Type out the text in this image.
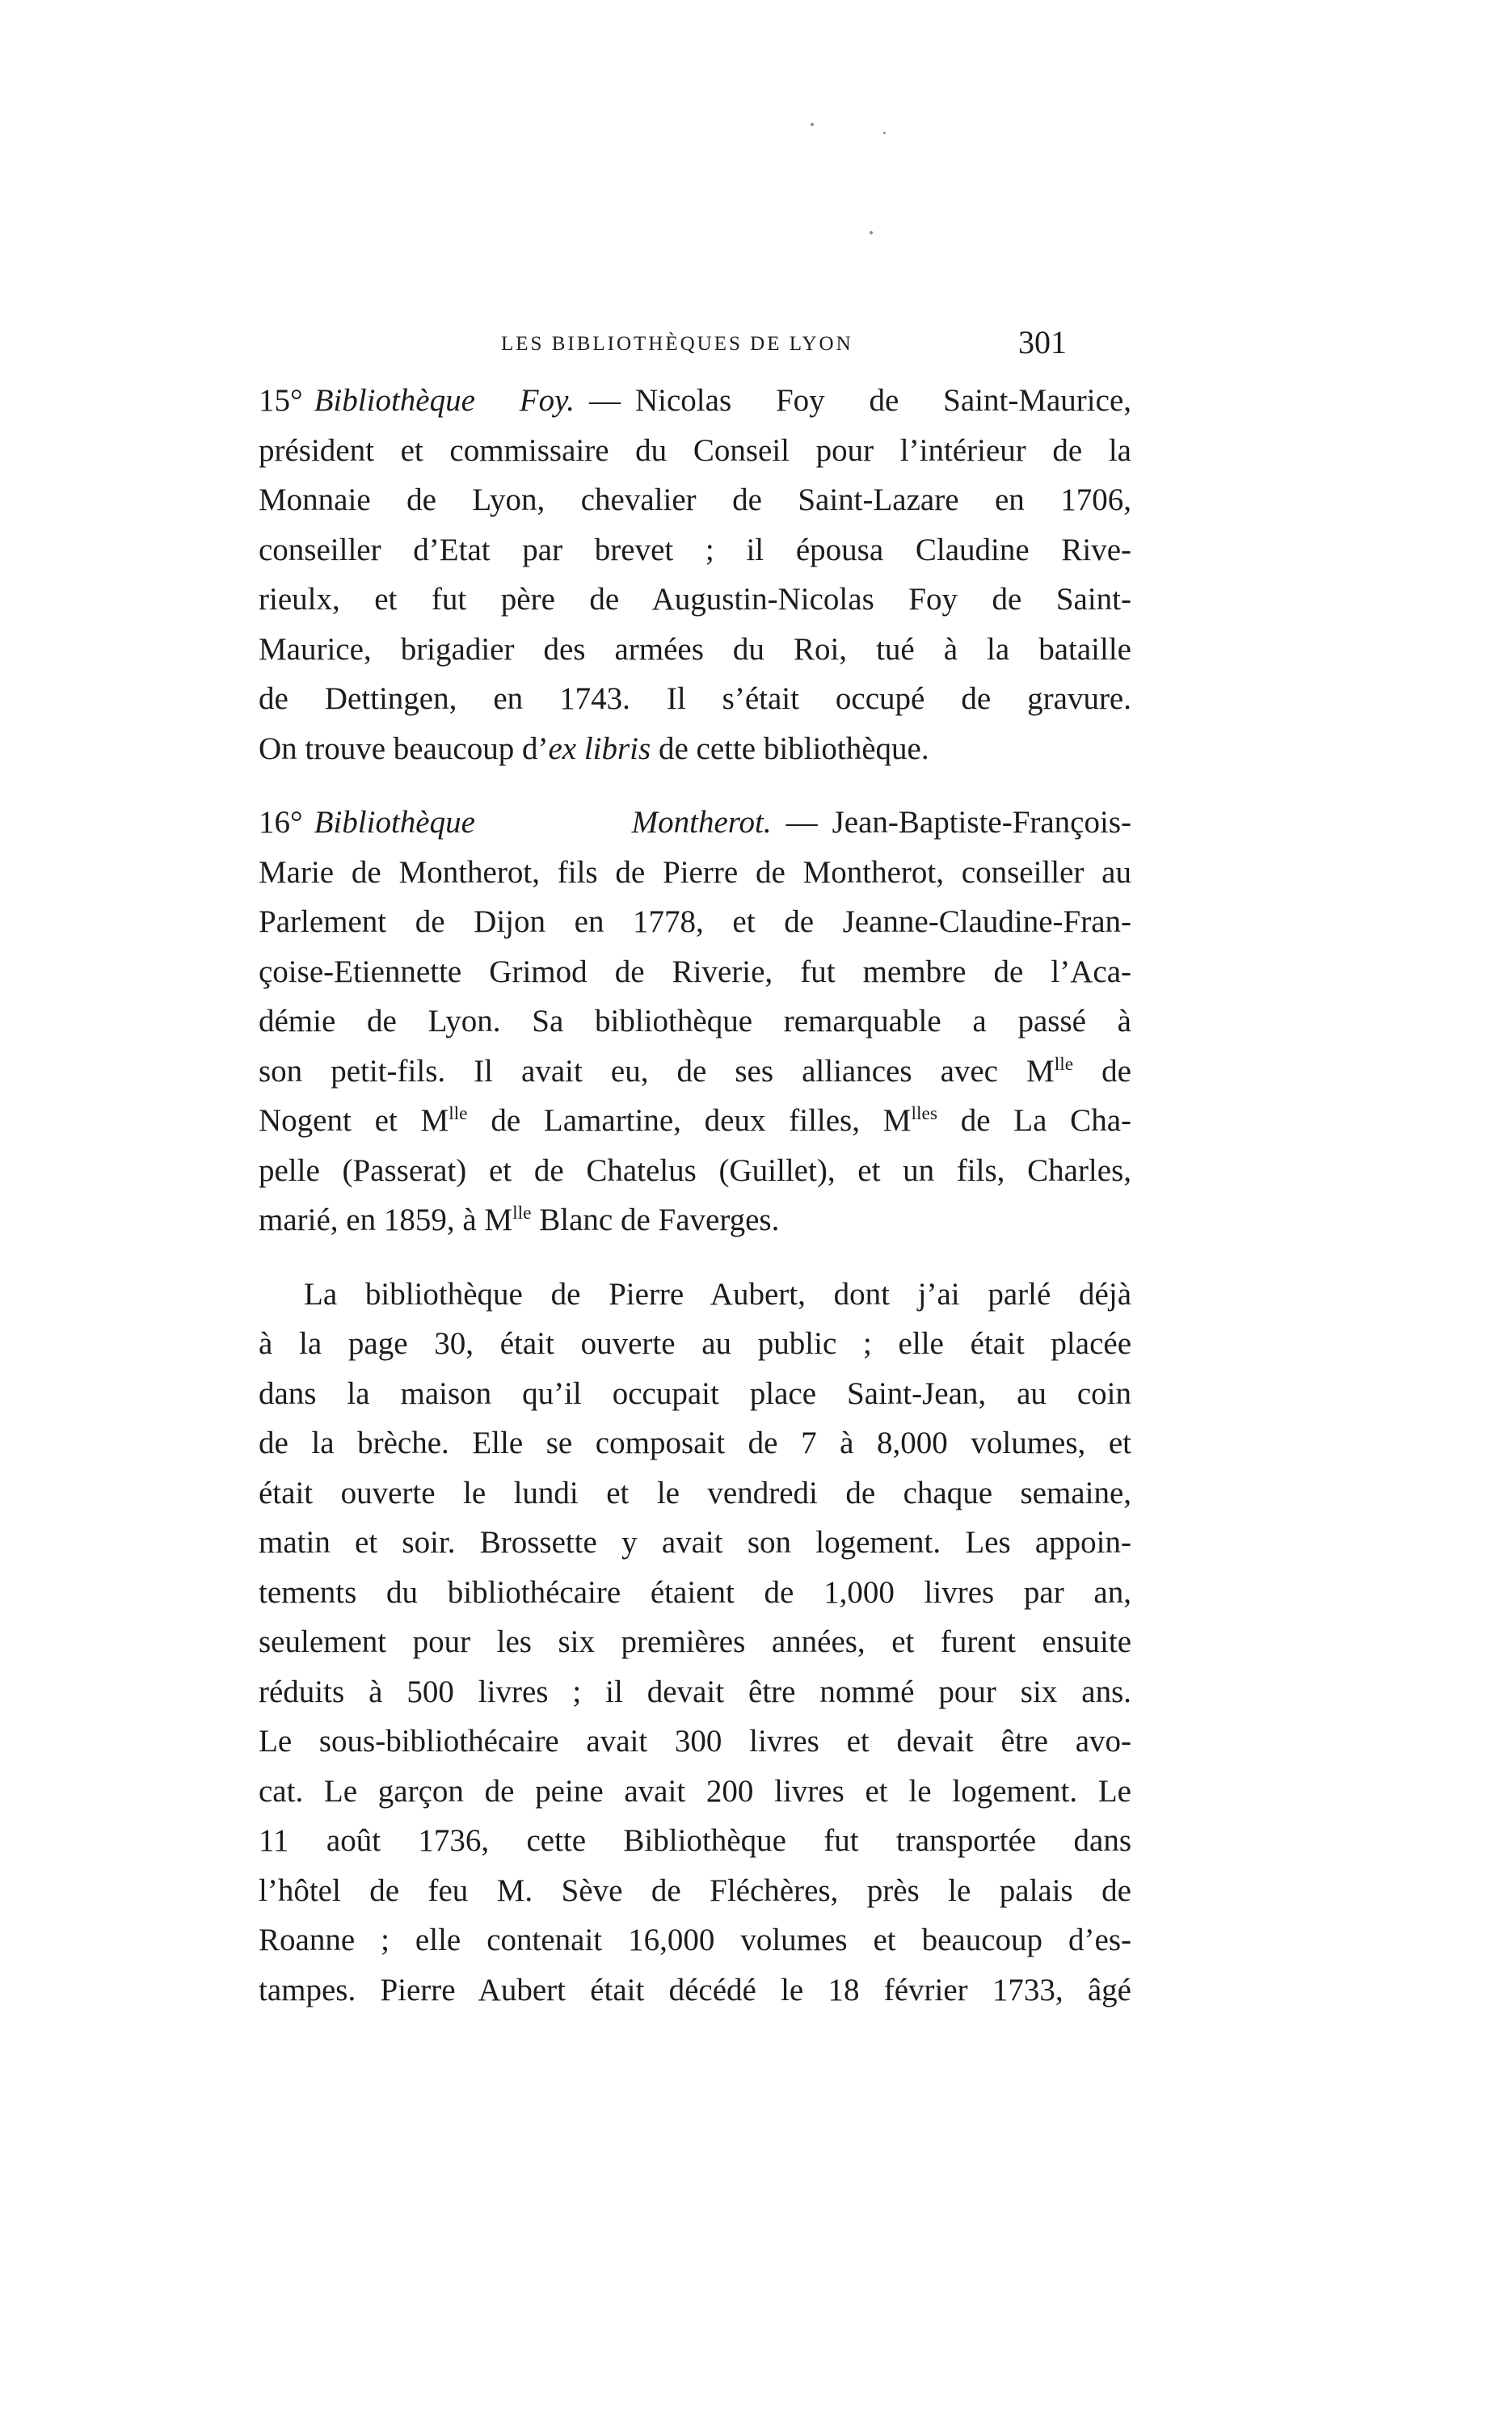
LES BIBLIOTHÈQUES DE LYON	301

15° Bibliothèque Foy. — Nicolas Foy de Saint-Maurice,
président et commissaire du Conseil pour l’intérieur de la
Monnaie de Lyon, chevalier de Saint-Lazare en 1706,
conseiller d’Etat par brevet ; il épousa Claudine Rive-
rieulx, et fut père de Augustin-Nicolas Foy de Saint-
Maurice, brigadier des armées du Roi, tué à la bataille
de Dettingen, en 1743. Il s’était occupé de gravure.
On trouve beaucoup d’ex libris de cette bibliothèque.

16° Bibliothèque Montherot. — Jean-Baptiste-François-
Marie de Montherot, fils de Pierre de Montherot, conseiller au
Parlement de Dijon en 1778, et de Jeanne-Claudine-Fran-
çoise-Etiennette Grimod de Riverie, fut membre de l’Aca-
démie de Lyon. Sa bibliothèque remarquable a passé à
son petit-fils. Il avait eu, de ses alliances avec $M^{lle}$ de
Nogent et $M^{lle}$ de Lamartine, deux filles, $M^{lles}$ de La Cha-
pelle (Passerat) et de Chatelus (Guillet), et un fils, Charles,
marié, en 1859, à $M^{lle}$ Blanc de Faverges.

La bibliothèque de Pierre Aubert, dont j’ai parlé déjà
à la page 30, était ouverte au public ; elle était placée
dans la maison qu’il occupait place Saint-Jean, au coin
de la brèche. Elle se composait de 7 à 8,000 volumes, et
était ouverte le lundi et le vendredi de chaque semaine,
matin et soir. Brossette y avait son logement. Les appoin-
tements du bibliothécaire étaient de 1,000 livres par an,
seulement pour les six premières années, et furent ensuite
réduits à 500 livres ; il devait être nommé pour six ans.
Le sous-bibliothécaire avait 300 livres et devait être avo-
cat. Le garçon de peine avait 200 livres et le logement. Le
11 août 1736, cette Bibliothèque fut transportée dans
l’hôtel de feu M. Sève de Fléchères, près le palais de
Roanne ; elle contenait 16,000 volumes et beaucoup d’es-
tampes. Pierre Aubert était décédé le 18 février 1733, âgé
